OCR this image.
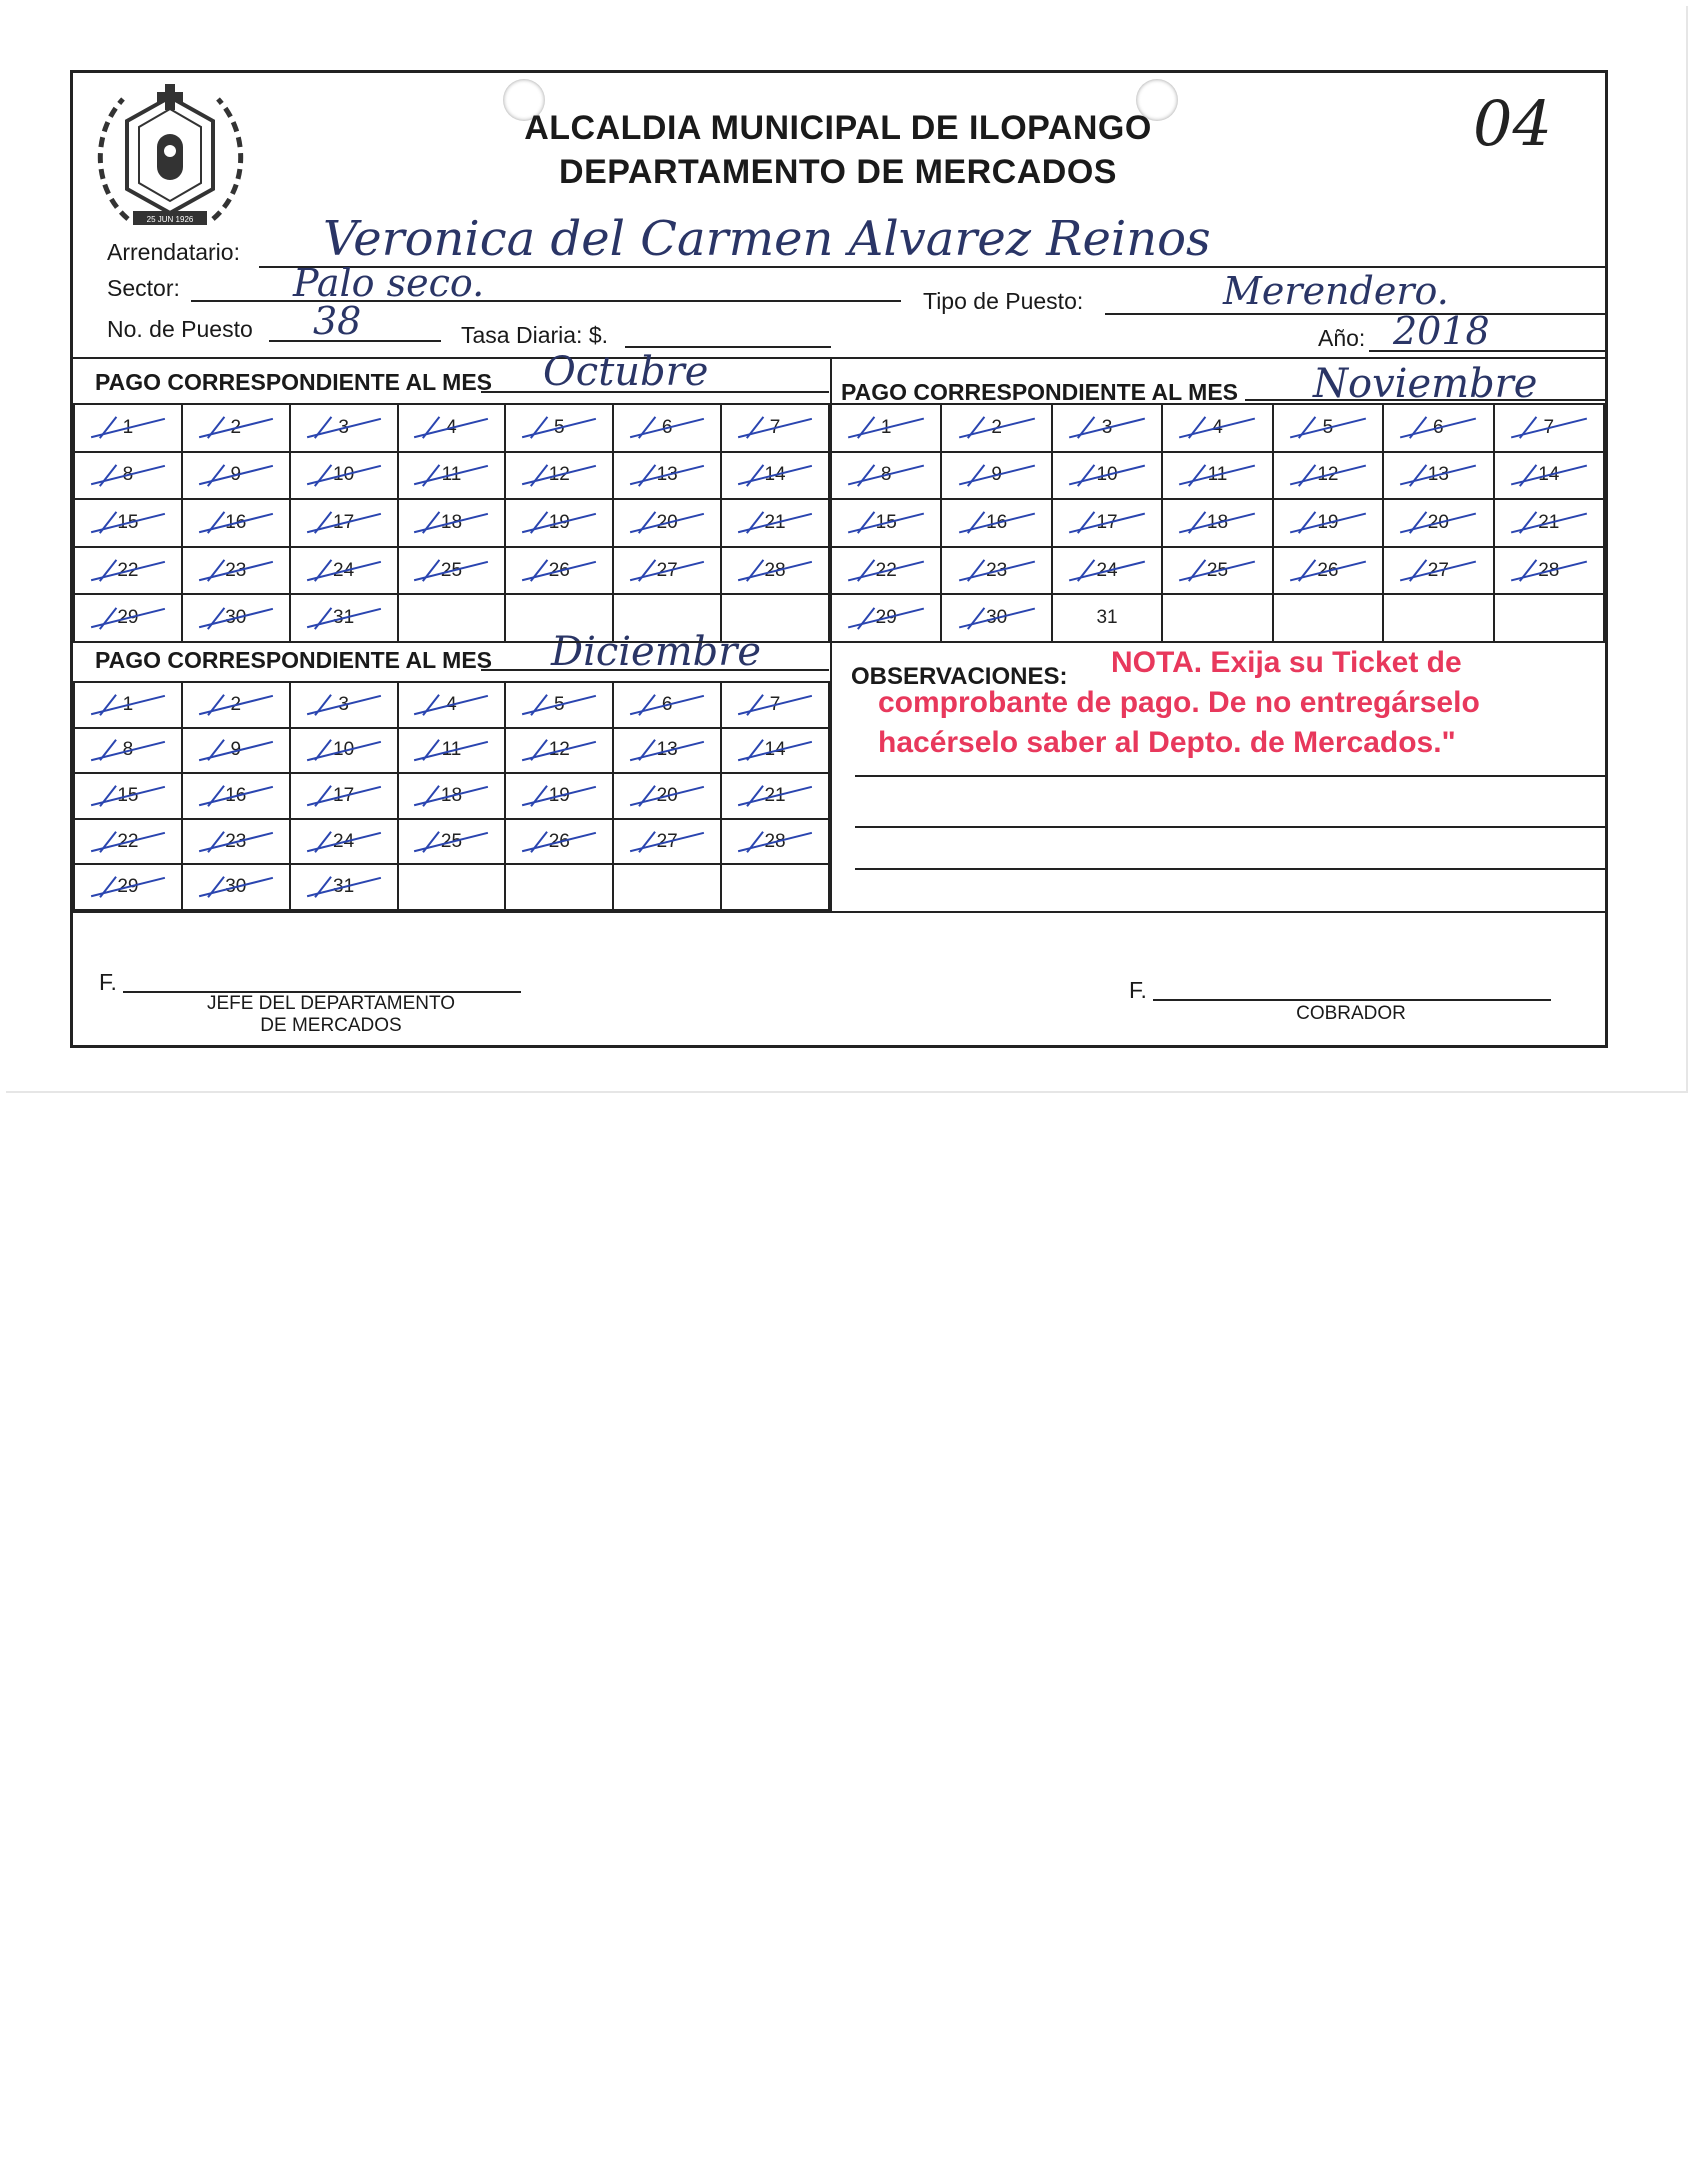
25 JUN 1926
ALCALDIA MUNICIPAL DE ILOPANGO
DEPARTAMENTO DE MERCADOS
04
Arrendatario: Veronica del Carmen Alvarez Reinos
Sector:	Palo seco.	Tipo de Puesto:	Merendero.
No. de Puesto 38	Tasa Diaria: $.	Año: 2018
PAGO CORRESPONDIENTE AL MES Octubre	PAGO CORRESPONDIENTE AL MES Noviembre
PAGO CORRESPONDIENTE AL MES Diciembre
1	2	3	4	5	6	7

8	9	10	11	12	13	14

15	16	17	18	19	20	21

22	23	24	25	26	27	28

29	30	31

1	2	3	4	5	6	7

8	9	10	11	12	13	14

15	16	17	18	19	20	21

22	23	24	25	26	27	28

29	30	31				
1	2	3	4	5	6	7

8	9	10	11	12	13	14

15	16	17	18	19	20	21

22	23	24	25	26	27	28

29	30	31

OBSERVACIONES: NOTA. Exija su Ticket de
comprobante de pago. De no entregárselo
hacérselo saber al Depto. de Mercados."
F.
JEFE DEL DEPARTAMENTO
DE MERCADOS
F.
COBRADOR
